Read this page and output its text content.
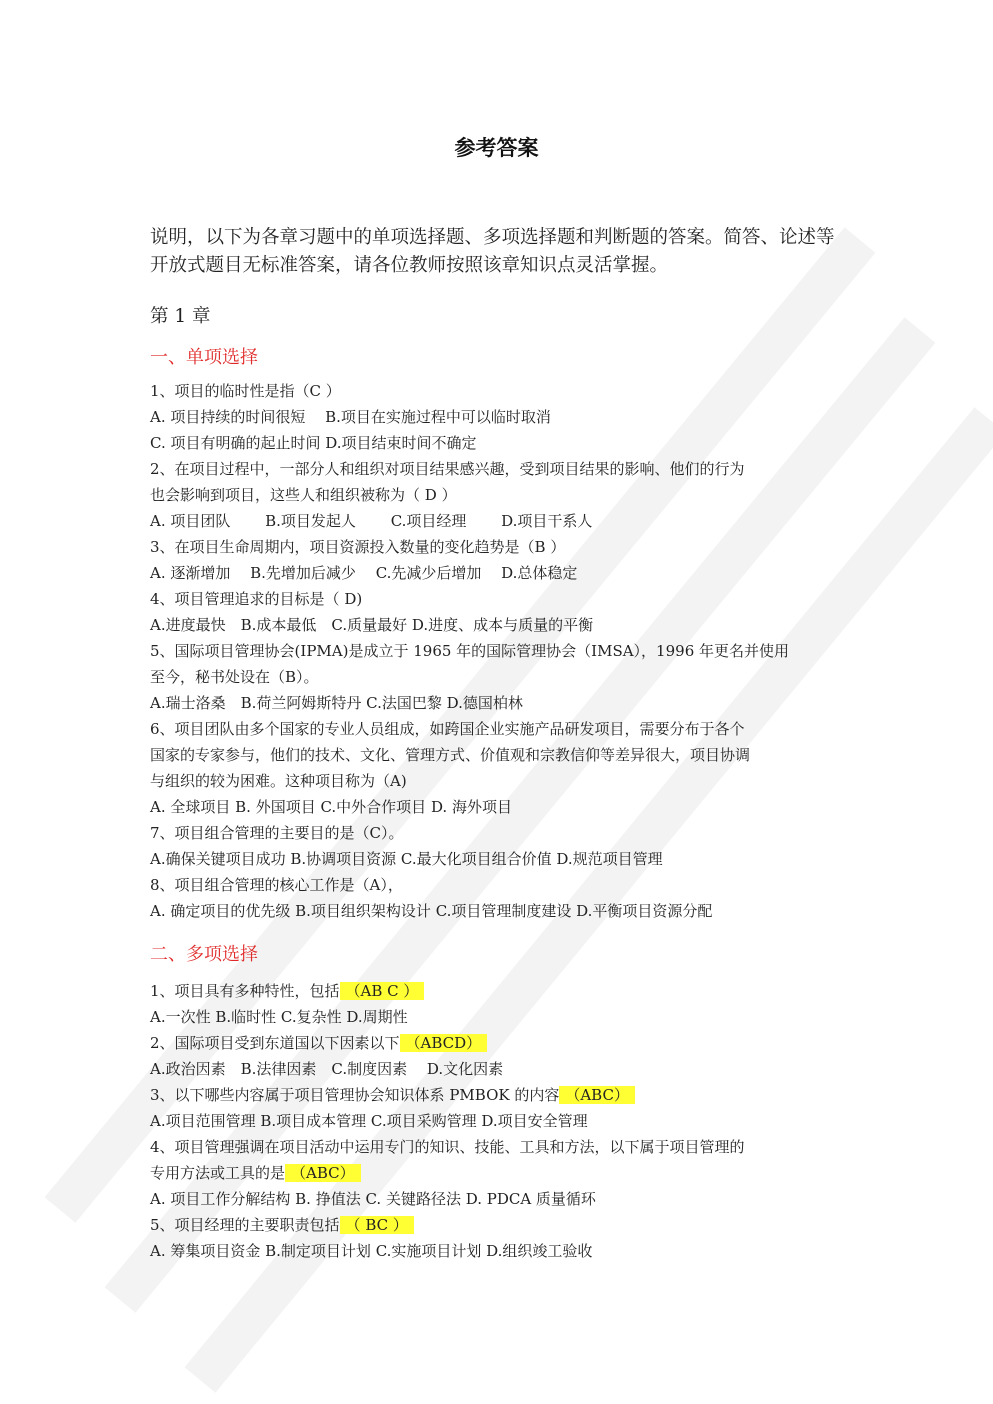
参考答案

说明，以下为各章习题中的单项选择题、多项选择题和判断题的答案。简答、论述等开放式题目无标准答案，请各位教师按照该章知识点灵活掌握。

第 1 章

一、单项选择

1、项目的临时性是指（C ）

A. 项目持续的时间很短　 B.项目在实施过程中可以临时取消

C. 项目有明确的起止时间 D.项目结束时间不确定

2、在项目过程中，一部分人和组织对项目结果感兴趣，受到项目结果的影响、他们的行为

也会影响到项目，这些人和组织被称为（ D ）

A. 项目团队　　 B.项目发起人　　 C.项目经理　　 D.项目干系人

3、在项目生命周期内，项目资源投入数量的变化趋势是（B ）

A. 逐渐增加　 B.先增加后减少　 C.先减少后增加　 D.总体稳定

4、项目管理追求的目标是（ D)

A.进度最快　B.成本最低　C.质量最好 D.进度、成本与质量的平衡

5、国际项目管理协会(IPMA)是成立于 1965 年的国际管理协会（IMSA），1996 年更名并使用

至今，秘书处设在（B）。

A.瑞士洛桑　B.荷兰阿姆斯特丹 C.法国巴黎 D.德国柏林

6、项目团队由多个国家的专业人员组成，如跨国企业实施产品研发项目，需要分布于各个

国家的专家参与，他们的技术、文化、管理方式、价值观和宗教信仰等差异很大，项目协调

与组织的较为困难。这种项目称为（A)

A. 全球项目 B. 外国项目 C.中外合作项目 D. 海外项目

7、项目组合管理的主要目的是（C）。

A.确保关键项目成功 B.协调项目资源 C.最大化项目组合价值 D.规范项目管理

8、项目组合管理的核心工作是（A），

A. 确定项目的优先级 B.项目组织架构设计 C.项目管理制度建设 D.平衡项目资源分配

二、多项选择

1、项目具有多种特性，包括 （AB C ）

A.一次性 B.临时性 C.复杂性 D.周期性

2、国际项目受到东道国以下因素以下 （ABCD）

A.政治因素　B.法律因素　C.制度因素　 D.文化因素

3、以下哪些内容属于项目管理协会知识体系 PMBOK 的内容 （ABC）

A.项目范围管理 B.项目成本管理 C.项目采购管理 D.项目安全管理

4、项目管理强调在项目活动中运用专门的知识、技能、工具和方法，以下属于项目管理的

专用方法或工具的是 （ABC）

A. 项目工作分解结构 B. 挣值法 C. 关键路径法 D. PDCA 质量循环

5、项目经理的主要职责包括 （ BC ）

A. 筹集项目资金 B.制定项目计划 C.实施项目计划 D.组织竣工验收
